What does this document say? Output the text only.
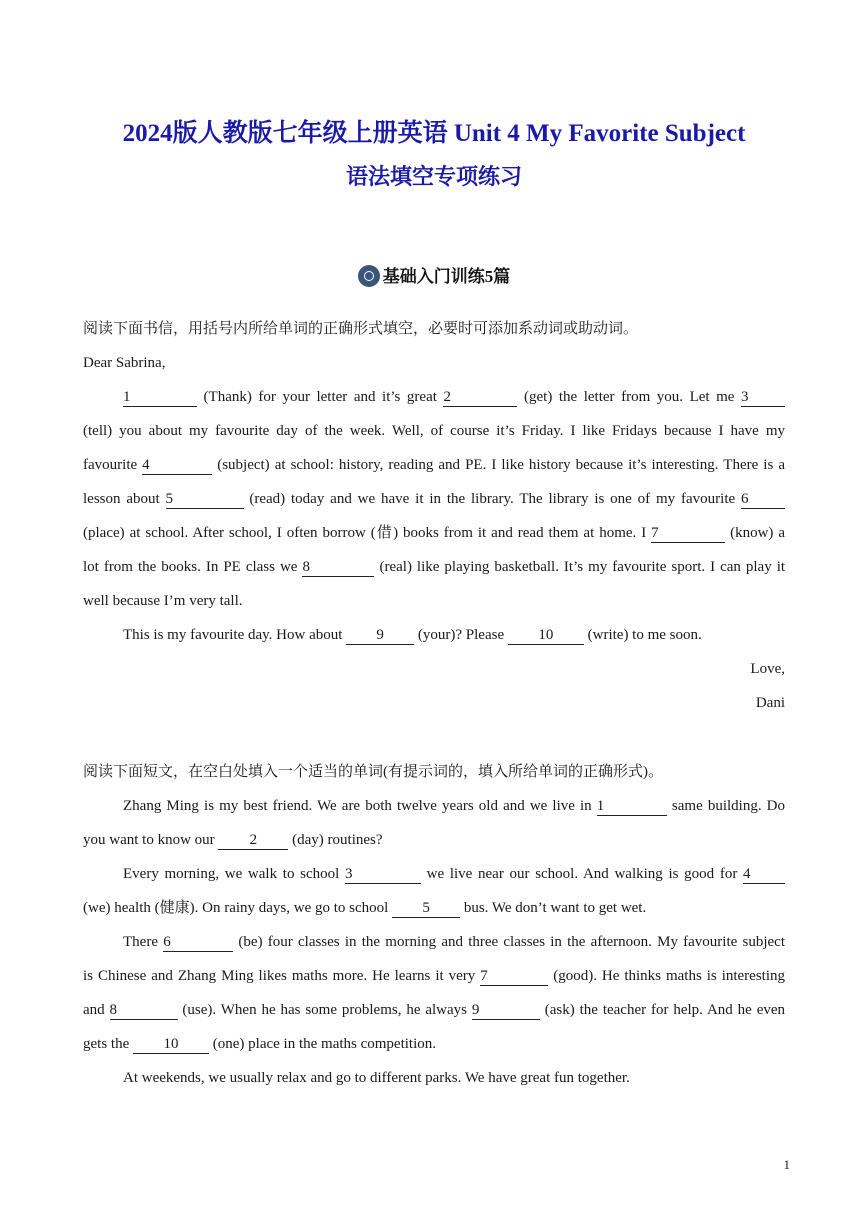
2024版人教版七年级上册英语 Unit 4 My Favorite Subject
语法填空专项练习
基础入门训练5篇
阅读下面书信，用括号内所给单词的正确形式填空，必要时可添加系动词或助动词。
Dear Sabrina,
1	(Thank) for your letter and it’s great 2	(get) the letter from you. Let me 3
(tell) you about my favourite day of the week. Well, of course it’s Friday. I like Fridays because I have my
favourite 4	(subject) at school: history, reading and PE. I like history because it’s interesting. There is a
lesson about 5	(read) today and we have it in the library. The library is one of my favourite 6
(place) at school. After school, I often borrow (借) books from it and read them at home. I 7	(know) a
lot from the books. In PE class we 8	(real) like playing basketball. It’s my favourite sport. I can play it
well because I’m very tall.
This is my favourite day. How about 9 (your)? Please 10 (write) to me soon.
Love,
Dani
阅读下面短文，在空白处填入一个适当的单词(有提示词的，填入所给单词的正确形式)。
Zhang Ming is my best friend. We are both twelve years old and we live in 1	same building. Do
you want to know our 2 (day) routines?
Every morning, we walk to school 3	we live near our school. And walking is good for 4
(we) health (健康). On rainy days, we go to school 5 bus. We don’t want to get wet.
There 6	(be) four classes in the morning and three classes in the afternoon. My favourite subject
is Chinese and Zhang Ming likes maths more. He learns it very 7	(good). He thinks maths is interesting
and 8	(use). When he has some problems, he always 9	(ask) the teacher for help. And he even
gets the 10 (one) place in the maths competition.
At weekends, we usually relax and go to different parks. We have great fun together.
1
